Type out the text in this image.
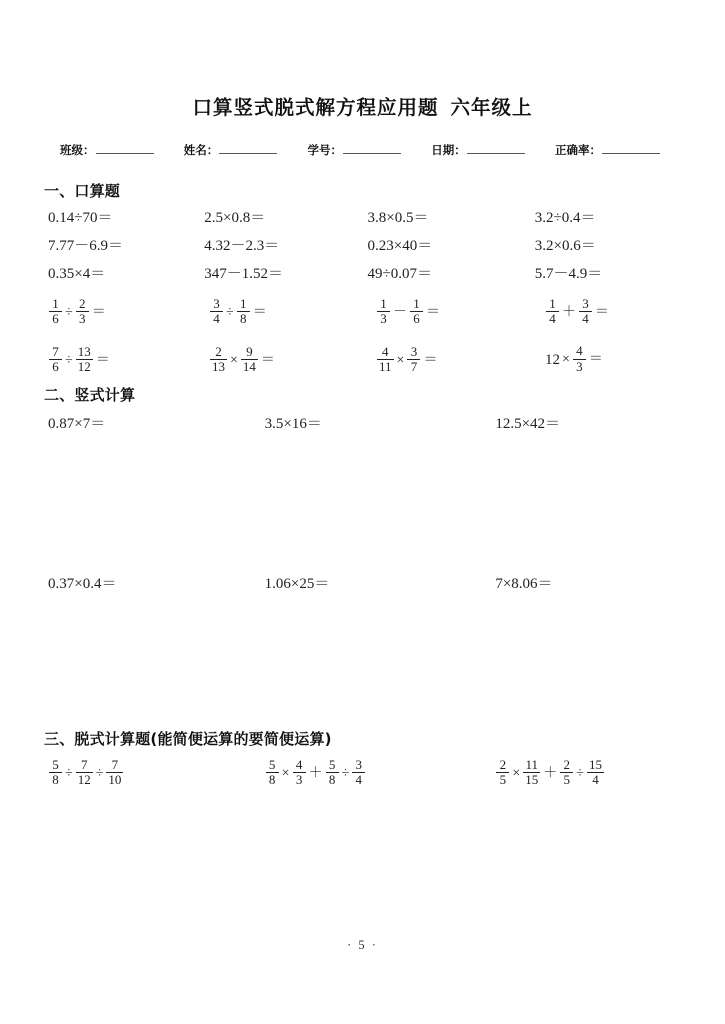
口算竖式脱式解方程应用题 六年级上
班级：	姓名：	学号：	日期：	正确率：
一、口算题
0.14÷70＝	2.5×0.8＝	3.8×0.5＝	3.2÷0.4＝
7.77－6.9＝	4.32－2.3＝	0.23×40＝	3.2×0.6＝
0.35×4＝	347－1.52＝	49÷0.07＝	5.7－4.9＝
$\frac{1}{6} \div \frac{2}{3}$ ＝	$\frac{3}{4} \div \frac{1}{8}$ ＝	$\frac{1}{3} - \frac{1}{6}$ ＝	$\frac{1}{4} + \frac{3}{4}$ ＝
$\frac{7}{6} \div \frac{13}{12}$ ＝	$\frac{2}{13} \times \frac{9}{14}$ ＝	$\frac{4}{11} \times \frac{3}{7}$ ＝	$12 \times \frac{4}{3}$ ＝
二、竖式计算
0.87×7＝	3.5×16＝	12.5×42＝
0.37×0.4＝	1.06×25＝	7×8.06＝
三、脱式计算题(能简便运算的要简便运算)
$\frac{5}{8} \div \frac{7}{12} \div \frac{7}{10}$	$\frac{5}{8} \times \frac{4}{3} + \frac{5}{8} \div \frac{3}{4}$	$\frac{2}{5} \times \frac{11}{15} + \frac{2}{5} \div \frac{15}{4}$
· 5 ·
